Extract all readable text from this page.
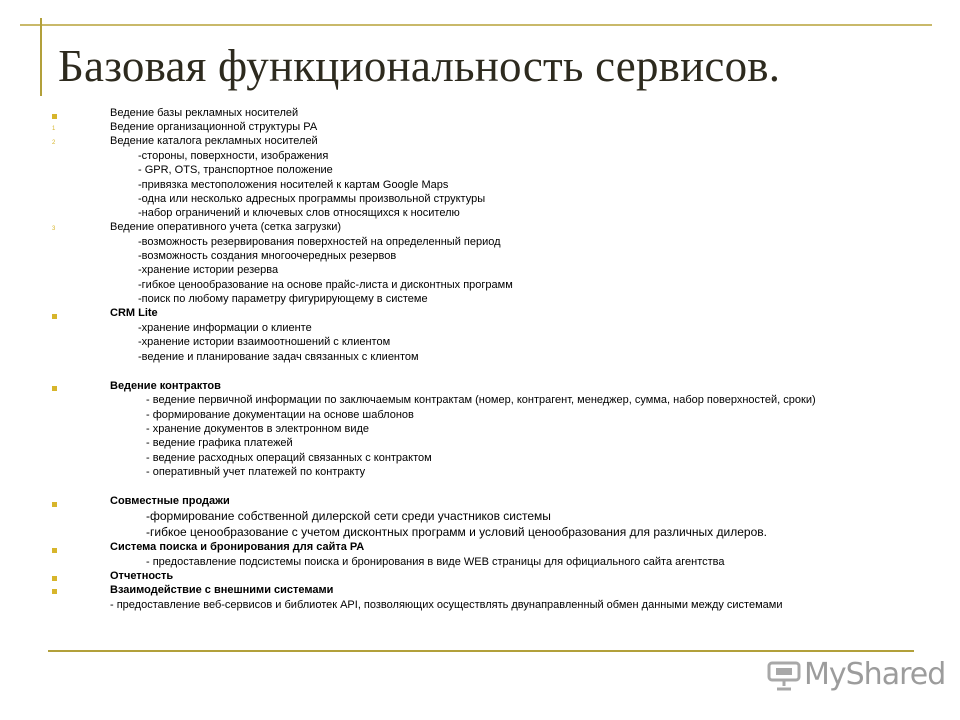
Базовая функциональность сервисов.
1
2
3
Ведение базы рекламных носителей
Ведение организационной структуры РА
Ведение каталога рекламных носителей
-стороны, поверхности, изображения
- GPR, OTS, транспортное положение
-привязка местоположения носителей к картам Google Maps
-одна или несколько адресных программы произвольной структуры
-набор ограничений и ключевых слов относящихся к носителю
Ведение оперативного учета (сетка загрузки)
-возможность резервирования поверхностей на определенный период
-возможность создания многоочередных резервов
-хранение истории резерва
-гибкое ценообразование на основе прайс-листа и дисконтных программ
-поиск по любому параметру фигурирующему в системе
CRM Lite
-хранение информации о клиенте
-хранение истории взаимоотношений с клиентом
-ведение и планирование задач связанных с клиентом
Ведение контрактов
- ведение первичной информации по заключаемым контрактам (номер, контрагент, менеджер, сумма, набор поверхностей, сроки)
- формирование документации на основе шаблонов
- хранение документов в электронном виде
- ведение графика платежей
- ведение расходных операций связанных с контрактом
- оперативный учет платежей по контракту
Совместные продажи
-формирование собственной дилерской сети среди участников системы
-гибкое ценообразование с учетом дисконтных программ и условий ценообразования для различных дилеров.
Система поиска и бронирования для сайта РА
- предоставление подсистемы поиска и бронирования в виде WEB страницы для официального сайта агентства
Отчетность
Взаимодействие с внешними системами
- предоставление веб-сервисов и библиотек API, позволяющих осуществлять двунаправленный обмен данными между системами
MyShared
